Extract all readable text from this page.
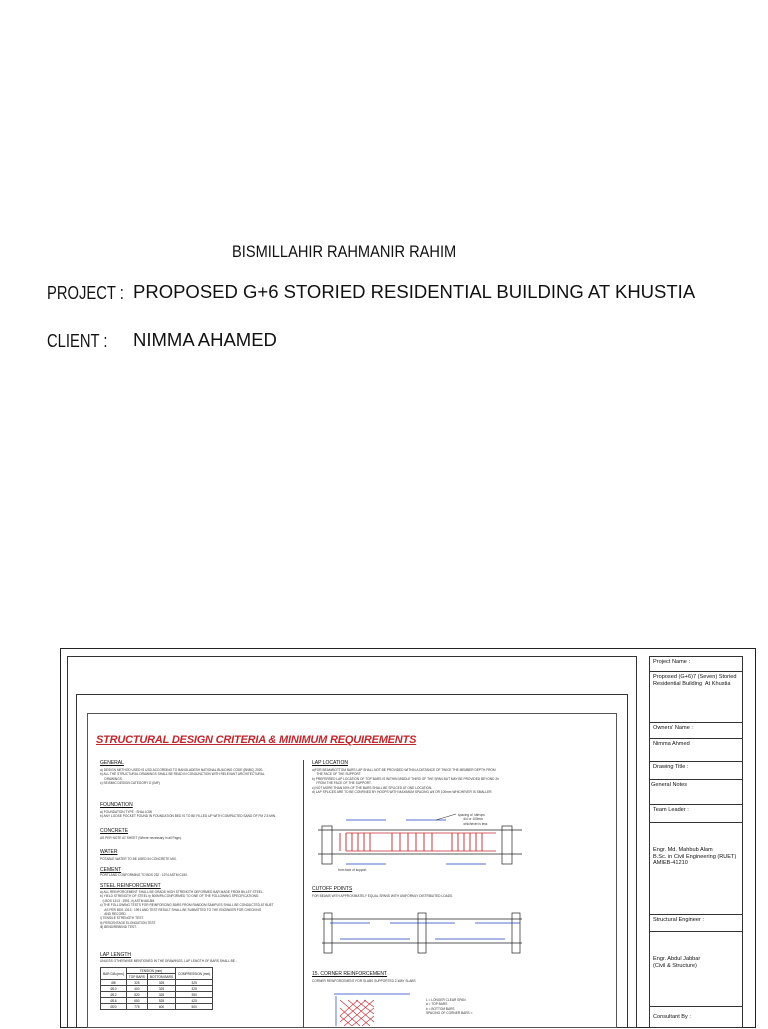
BISMILLAHIR RAHMANIR RAHIM
PROJECT : PROPOSED G+6 STORIED RESIDENTIAL BUILDING AT KHUSTIA
CLIENT : NIMMA AHAMED
STRUCTURAL DESIGN CRITERIA & MINIMUM REQUIREMENTS
GENERAL
a) DESIGN METHOD USED IS USD ACCORDING TO BANGLADESH NATIONAL BUILDING CODE (BNBC) 2020.
b) ALL THE STRUCTURAL DRAWINGS SHALL BE READ IN CONJUNCTION WITH RELEVANT ARCHITECTURAL
DRAWINGS.
c) SEISMIC DESIGN CATEGORY D (IMF)
FOUNDATION
a) FOUNDATION TYPE : SHALLOW
b) ANY LOOSE POCKET FOUND IN FOUNDATION BED IS TO BE FILLED UP WITH COMPACTED SAND OF FM 2.5 MIN.
CONCRETE
AS PER NOTE AT SHEET (Where necessary in all Page).
WATER
POTABLE WATER TO BE USED IN CONCRETE MIX.
CEMENT
PORTLAND CONFORMING TO BDS 232 : 1974 ASTM C150.
STEEL REINFORCEMENT
a) ALL REINFORCEMENT SHALL BE GRADE HIGH STRENGTH DEFORMED BAR MADE FROM BILLET STEEL.
b) YIELD STRENGTH OF STEEL fy 500MPA CONFORMED TO ONE OF THE FOLLOWING SPECIFICATIONS:
i) BDS 1313 : 1991, ii) ASTM A615M.
c) THE FOLLOWING TESTS FOR REINFORCING BARS FROM RANDOM SAMPLES SHALL BE CONDUCTED AT BUET
AS PER BDS 1313 : 1991 AND TEST RESULT SHALL BE SUBMITTED TO THE ENGINEER FOR CHECKING
AND RECORD.
i) TENSILE STRENGTH TEST.
ii) PERCENTAGE ELONGATION TEST.
iii) BEND/REBEND TEST.
LAP LENGTH
UNLESS OTHERWISE MENTIONED IN THE DRAWINGS, LAP LENGTH OF BARS SHALL BE :
BAR DIA (mm)	TENSION (mm)		COMPRESSION (mm)
	TOP BARS	BOTTOM BARS	
Ø8	325	325	325
Ø10	400	325	325
Ø12	520	325	350
Ø16	650	525	425
Ø20	775	600	500
LAP LOCATION
a)FOR BEAM/BOTTOM BARS LAP SHALL NOT BE PROVIDED WITHIN A DISTANCE OF TWICE THE MEMBER DEPTH FROM
THE FACE OF THE SUPPORT.
b) PREFERRED LAP LOCATION OF TOP BARS IS WITHIN MIDDLE THIRD OF THE SPAN BUT MAY BE PROVIDED BEYOND 2h
FROM THE FACE OF THE SUPPORT.
c) NOT MORE THAN 50% OF THE BARS SHALL BE SPLICED AT ONE LOCATION.
d) LAP SPLICES ARE TO BE CONFINED BY HOOPS WITH MAXIMUM SPACING d/4 OR 100mm WHICHEVER IS SMALLER.
spacing of  stirrups
d/4 or 100mm
whichever is less
from face of support
CUTOFF POINTS
FOR BEAMS WITH APPROXIMATELY EQUAL SPANS WITH UNIFORMLY DISTRIBUTED LOADS.
15. CORNER REINFORCEMENT
CORNER REINFORCEMENT FOR SLABS SUPPORTED 2-WAY SLABS
L = LONGER CLEAR SPAN
a = TOP BARS
b = BOTTOM BARS
SPACING OF CORNER BARS =
Project Name :
Proposed (G+6)7 (Seven) Storied
Residential Building  At Khustia
Owners' Name :
Nimma Ahmed
Drawing Title :
General Notes
Team Leader :
Engr. Md. Mahbub Alam
B.Sc. in Civil Engineering (RUET)
AMIEB-41210
Structural Engineer :
Engr. Abdul Jabbar
(Civil & Structure)
Consultant By :
